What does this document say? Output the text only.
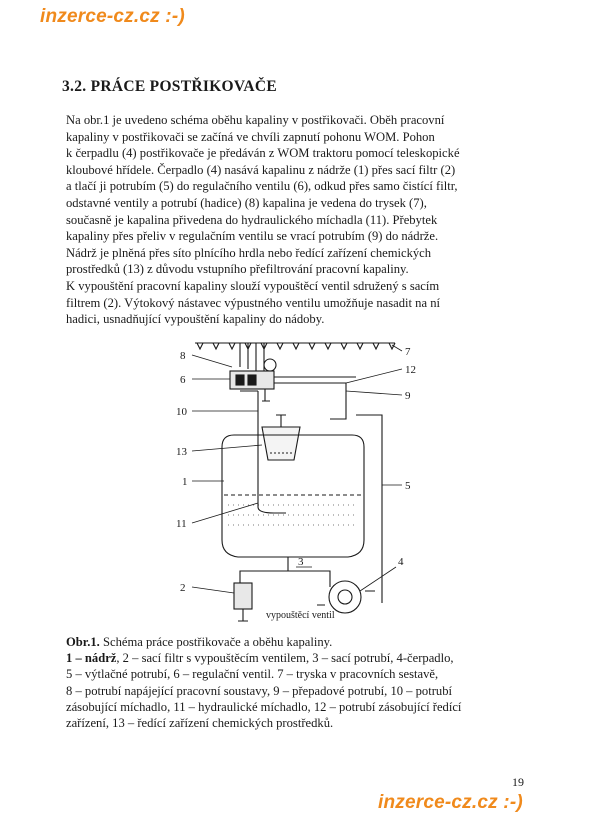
inzerce-cz.cz :-)
3.2. PRÁCE POSTŘIKOVAČE
Na obr.1 je uvedeno schéma oběhu kapaliny v postřikovači. Oběh pracovní
kapaliny v postřikovači se začíná ve chvíli zapnutí pohonu WOM. Pohon
k čerpadlu (4) postřikovače je předáván z WOM traktoru pomocí teleskopické
kloubové hřídele. Čerpadlo (4) nasává kapalinu z nádrže (1) přes sací filtr (2)
a tlačí ji potrubím (5) do regulačního ventilu (6), odkud přes samo čistící filtr,
odstavné ventily a potrubí (hadice) (8) kapalina je vedena do trysek (7),
současně je kapalina přivedena do hydraulického míchadla (11). Přebytek
kapaliny přes přeliv v regulačním ventilu se vrací potrubím (9) do nádrže.
Nádrž je plněná přes síto plnícího hrdla nebo ředící zařízení chemických
prostředků (13) z důvodu vstupního přefiltrování pracovní kapaliny.
K vypouštění pracovní kapaliny slouží vypouštěcí ventil sdružený s sacím
filtrem (2). Výtokový nástavec výpustného ventilu umožňuje nasadit na ní
hadici, usnadňující vypouštění kapaliny do nádoby.
8	7
6
12
9
10
13
1	5
11
3	4
2
vypouštěcí ventil
Obr.1. Schéma práce postřikovače a oběhu kapaliny.
1 – nádrž, 2 – sací filtr s vypouštěcím ventilem, 3 – sací potrubí, 4-čerpadlo,
5 – výtlačné potrubí, 6 – regulační ventil. 7 – tryska v pracovních sestavě,
8 – potrubí napájející pracovní soustavy, 9 – přepadové potrubí, 10 – potrubí
zásobující míchadlo, 11 – hydraulické míchadlo, 12 – potrubí zásobující ředící
zařízení, 13 – ředící zařízení chemických prostředků.
19
inzerce-cz.cz :-)
